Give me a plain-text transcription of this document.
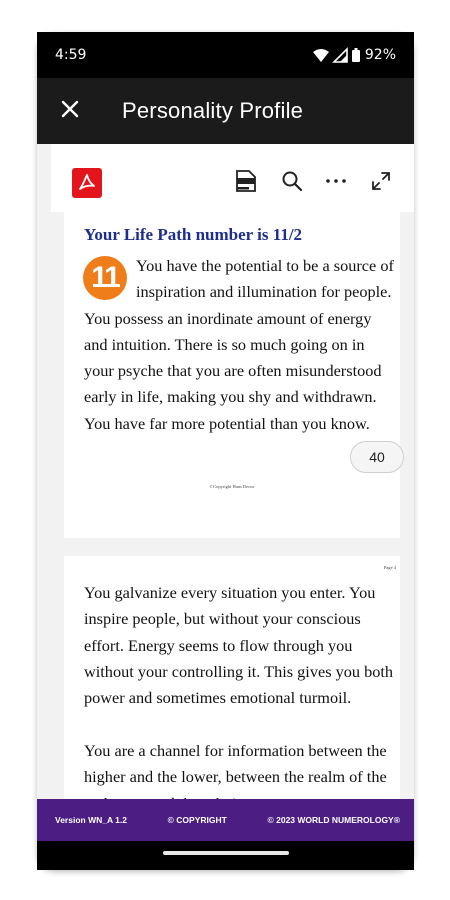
4:59	92%
Personality Profile
Your Life Path number is 11/2
11	You have the potential to be a source of inspiration and illumination for people. You possess an inordinate amount of energy and intuition. There is so much going on in your psyche that you are often misunderstood early in life, making you shy and withdrawn. You have far more potential than you know.
©Copyright Hans Decoz
40
Page 4
You galvanize every situation you enter. You inspire people, but without your conscious effort. Energy seems to flow through you without your controlling it. This gives you both power and sometimes emotional turmoil.
You are a channel for information between the higher and the lower, between the realm of the
Version WN_A 1.2	© COPYRIGHT	© 2023 WORLD NUMEROLOGY®
